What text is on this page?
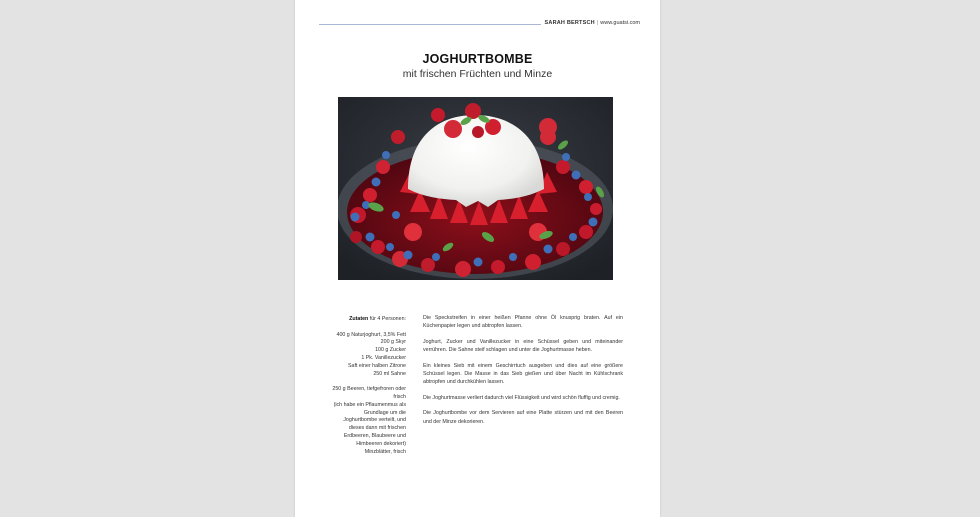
SARAH BERTSCH | www.guatsi.com
JOGHURTBOMBE
mit frischen Früchten und Minze
Zutaten für 4 Personen:
400 g Naturjoghurt, 3,5% Fett
200 g Skyr
100 g Zucker
1 Pk. Vanillezucker
Saft einer halben Zitrone
250 ml Sahne
250 g Beeren, tiefgefroren oder
frisch
(ich habe ein Pflaumenmus als
Grundlage um die
Joghurtbombe verteilt, und
dieses dann mit frischen
Erdbeeren, Blaubeere und
Himbeeren dekoriert)
Minzblätter, frisch

Die Speckstreifen in einer heißen Pfanne ohne Öl knusprig braten. Auf ein Küchenpapier legen und abtropfen lassen.

Joghurt, Zucker und Vanillezucker in eine Schüssel geben und miteinander verrühren. Die Sahne steif schlagen und unter die Joghurtmasse heben.

Ein kleines Sieb mit einem Geschirrtuch ausgeben und dies auf eine größere Schüssel legen. Die Masse in das Sieb gießen und über Nacht im Kühlschrank abtropfen und durchkühlen lassen.

Die Joghurtmasse verliert dadurch viel Flüssigkeit und wird schön fluffig und cremig.

Die Joghurtbombe vor dem Servieren auf eine Platte stürzen und mit den Beeren und der Minze dekorieren.
